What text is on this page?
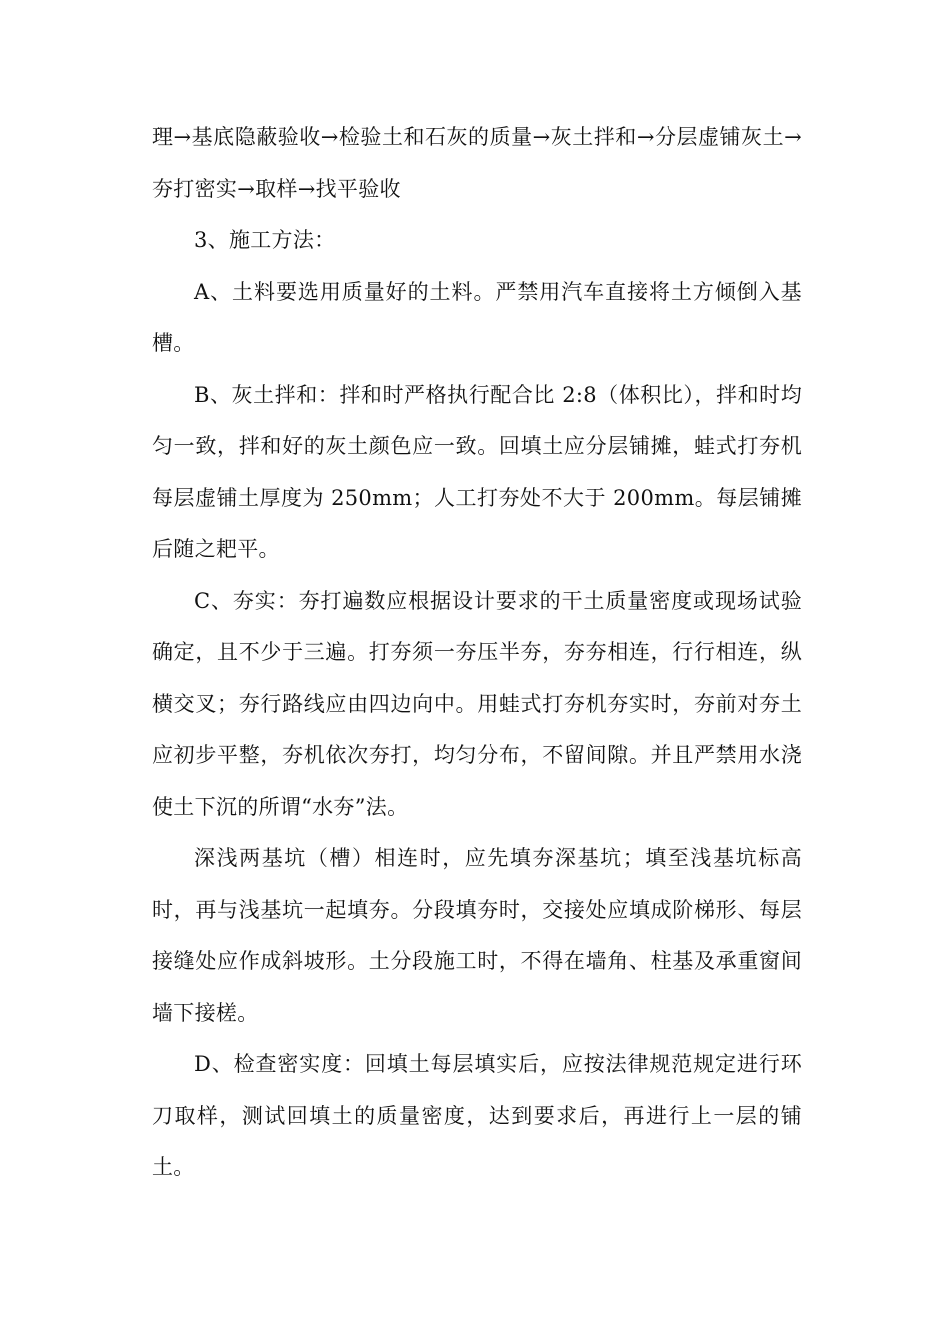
理→基底隐蔽验收→检验土和石灰的质量→灰土拌和→分层虚铺灰土→夯打密实→取样→找平验收

3、施工方法：

A、土料要选用质量好的土料。严禁用汽车直接将土方倾倒入基槽。

B、灰土拌和：拌和时严格执行配合比 2:8（体积比），拌和时均匀一致，拌和好的灰土颜色应一致。回填土应分层铺摊，蛙式打夯机每层虚铺土厚度为 250mm；人工打夯处不大于 200mm。每层铺摊后随之耙平。

C、夯实：夯打遍数应根据设计要求的干土质量密度或现场试验确定，且不少于三遍。打夯须一夯压半夯，夯夯相连，行行相连，纵横交叉；夯行路线应由四边向中。用蛙式打夯机夯实时，夯前对夯土应初步平整，夯机依次夯打，均匀分布，不留间隙。并且严禁用水浇使土下沉的所谓“水夯”法。

深浅两基坑（槽）相连时，应先填夯深基坑；填至浅基坑标高时，再与浅基坑一起填夯。分段填夯时，交接处应填成阶梯形、每层接缝处应作成斜坡形。土分段施工时，不得在墙角、柱基及承重窗间墙下接槎。

D、检查密实度：回填土每层填实后，应按法律规范规定进行环刀取样，测试回填土的质量密度，达到要求后，再进行上一层的铺土。
